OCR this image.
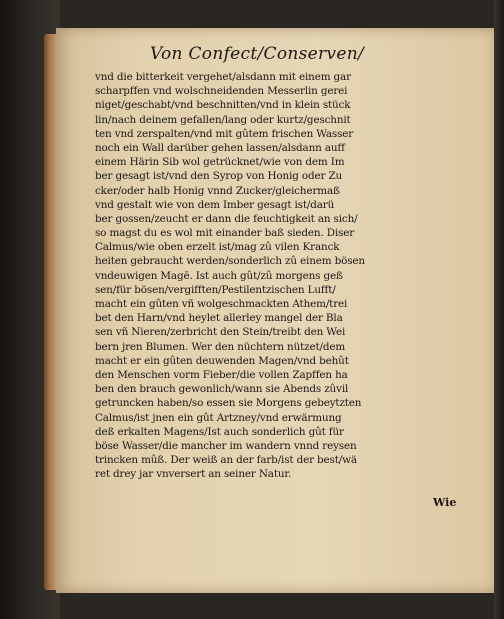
Von Confect/Conserven/
vnd die bitterkeit vergehet/alsdann mit einem gar
scharpffen vnd wolschneidenden Messerlin gerei
niget/geschabt/vnd beschnitten/vnd in klein stück
lin/nach deinem gefallen/lang oder kurtz/geschnit
ten vnd zerspalten/vnd mit gûtem frischen Wasser
noch ein Wall darüber gehen lassen/alsdann auff
einem Härin Sib wol getrücknet/wie von dem Im
ber gesagt ist/vnd den Syrop von Honig oder Zu
cker/oder halb Honig vnnd Zucker/gleichermaß
vnd gestalt wie von dem Imber gesagt ist/darü
ber gossen/zeucht er dann die feuchtigkeit an sich/
so magst du es wol mit einander baß sieden. Diser
Calmus/wie oben erzelt ist/mag zû vilen Kranck
heiten gebraucht werden/sonderlich zû einem bösen
vndeuwigen Magē. Ist auch gût/zû morgens geß
sen/für bösen/vergifften/Pestilentzischen Lufft/
macht ein gûten vñ wolgeschmackten Athem/trei
bet den Harn/vnd heylet allerley mangel der Bla
sen vñ Nieren/zerbricht den Stein/treibt den Wei
bern jren Blumen. Wer den nüchtern nützet/dem
macht er ein gûten deuwenden Magen/vnd behût
den Menschen vorm Fieber/die vollen Zapffen ha
ben den brauch gewonlich/wann sie Abends zûvil
getruncken haben/so essen sie Morgens gebeytzten
Calmus/ist jnen ein gût Artzney/vnd erwärmung
deß erkalten Magens/Ist auch sonderlich gût für
böse Wasser/die mancher im wandern vnnd reysen
trincken mûß. Der weiß an der farb/ist der best/wä
ret drey jar vnversert an seiner Natur.
Wie
